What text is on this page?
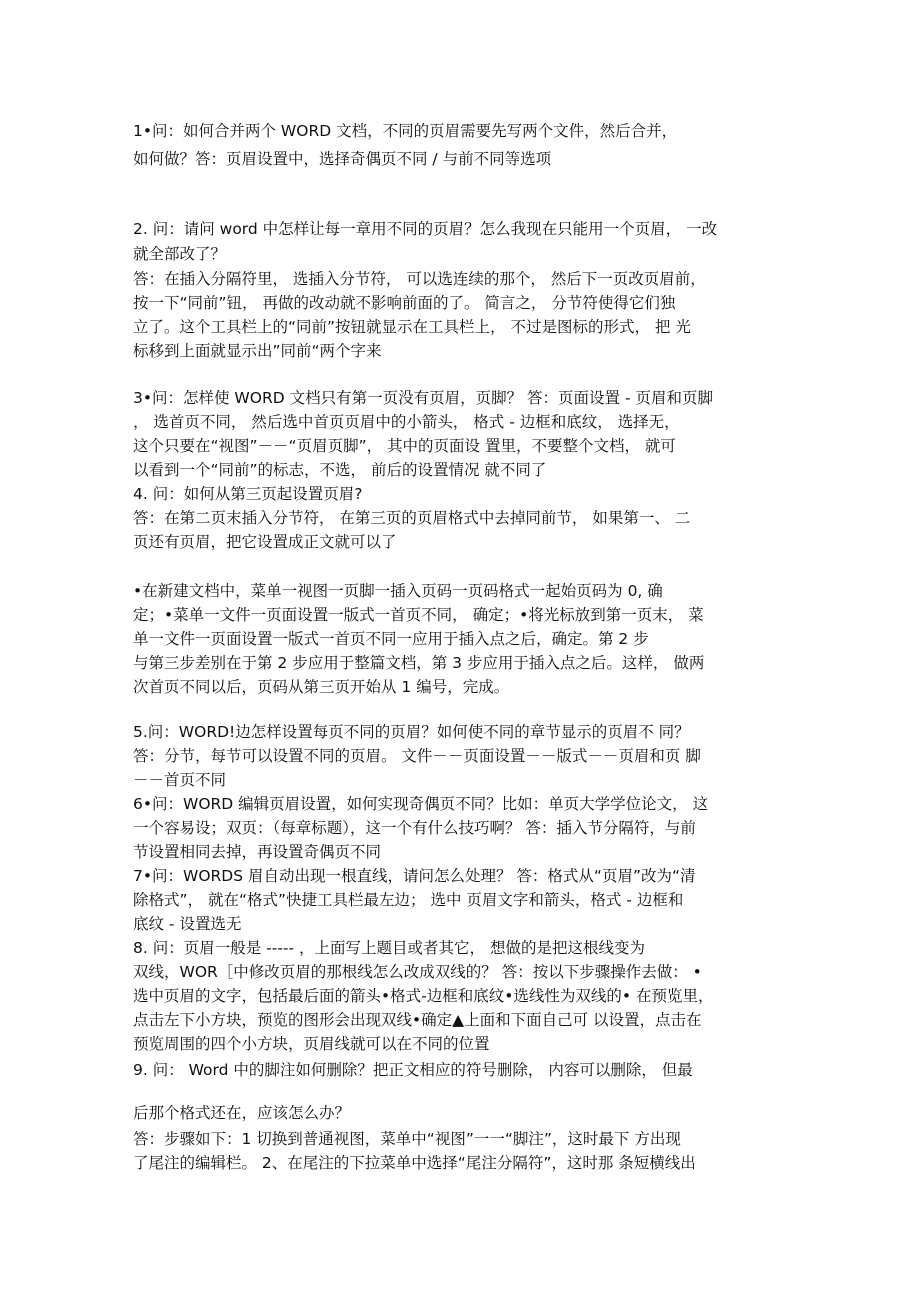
1•问：如何合并两个 WORD 文档，不同的页眉需要先写两个文件，然后合并，
如何做？答：页眉设置中，选择奇偶页不同 / 与前不同等选项
2. 问：请问 word 中怎样让每一章用不同的页眉？怎么我现在只能用一个页眉， 一改
就全部改了？
答：在插入分隔符里， 选插入分节符， 可以选连续的那个， 然后下一页改页眉前，
按一下“同前”钮， 再做的改动就不影响前面的了。 简言之， 分节符使得它们独
立了。这个工具栏上的“同前”按钮就显示在工具栏上， 不过是图标的形式， 把 光
标移到上面就显示出”同前“两个字来
3•问：怎样使 WORD 文档只有第一页没有页眉，页脚？ 答：页面设置 - 页眉和页脚
， 选首页不同， 然后选中首页页眉中的小箭头， 格式 - 边框和底纹， 选择无，
这个只要在“视图”－－“页眉页脚”， 其中的页面设 置里，不要整个文档， 就可
以看到一个“同前”的标志，不选， 前后的设置情况 就不同了
4. 问：如何从第三页起设置页眉?
答：在第二页末插入分节符， 在第三页的页眉格式中去掉同前节， 如果第一、 二
页还有页眉，把它设置成正文就可以了
•在新建文档中，菜单一视图一页脚一插入页码一页码格式一起始页码为 0, 确
定；•菜单一文件一页面设置一版式一首页不同， 确定；•将光标放到第一页末， 菜
单一文件一页面设置一版式一首页不同一应用于插入点之后，确定。第 2 步
与第三步差别在于第 2 步应用于整篇文档，第 3 步应用于插入点之后。这样， 做两
次首页不同以后，页码从第三页开始从 1 编号，完成。
5.问：WORD!边怎样设置每页不同的页眉？如何使不同的章节显示的页眉不 同？
答：分节，每节可以设置不同的页眉。 文件－－页面设置－－版式－－页眉和页 脚
－－首页不同
6•问：WORD 编辑页眉设置，如何实现奇偶页不同？比如：单页大学学位论文， 这
一个容易设；双页：（每章标题），这一个有什么技巧啊？ 答：插入节分隔符，与前
节设置相同去掉，再设置奇偶页不同
7•问：WORDS 眉自动出现一根直线，请问怎么处理？ 答：格式从“页眉”改为“清
除格式”， 就在“格式”快捷工具栏最左边； 选中 页眉文字和箭头，格式 - 边框和
底纹 - 设置选无
8. 问：页眉一般是 ----- ，上面写上题目或者其它， 想做的是把这根线变为
双线，WOR［中修改页眉的那根线怎么改成双线的？ 答：按以下步骤操作去做： •
选中页眉的文字，包括最后面的箭头•格式-边框和底纹•选线性为双线的• 在预览里，
点击左下小方块，预览的图形会出现双线•确定▲上面和下面自己可 以设置，点击在
预览周围的四个小方块，页眉线就可以在不同的位置
9. 问： Word 中的脚注如何删除？把正文相应的符号删除， 内容可以删除， 但最
后那个格式还在，应该怎么办？
答：步骤如下：1 切换到普通视图，菜单中“视图”一一“脚注”，这时最下 方出现
了尾注的编辑栏。 2、在尾注的下拉菜单中选择“尾注分隔符”，这时那 条短横线出
